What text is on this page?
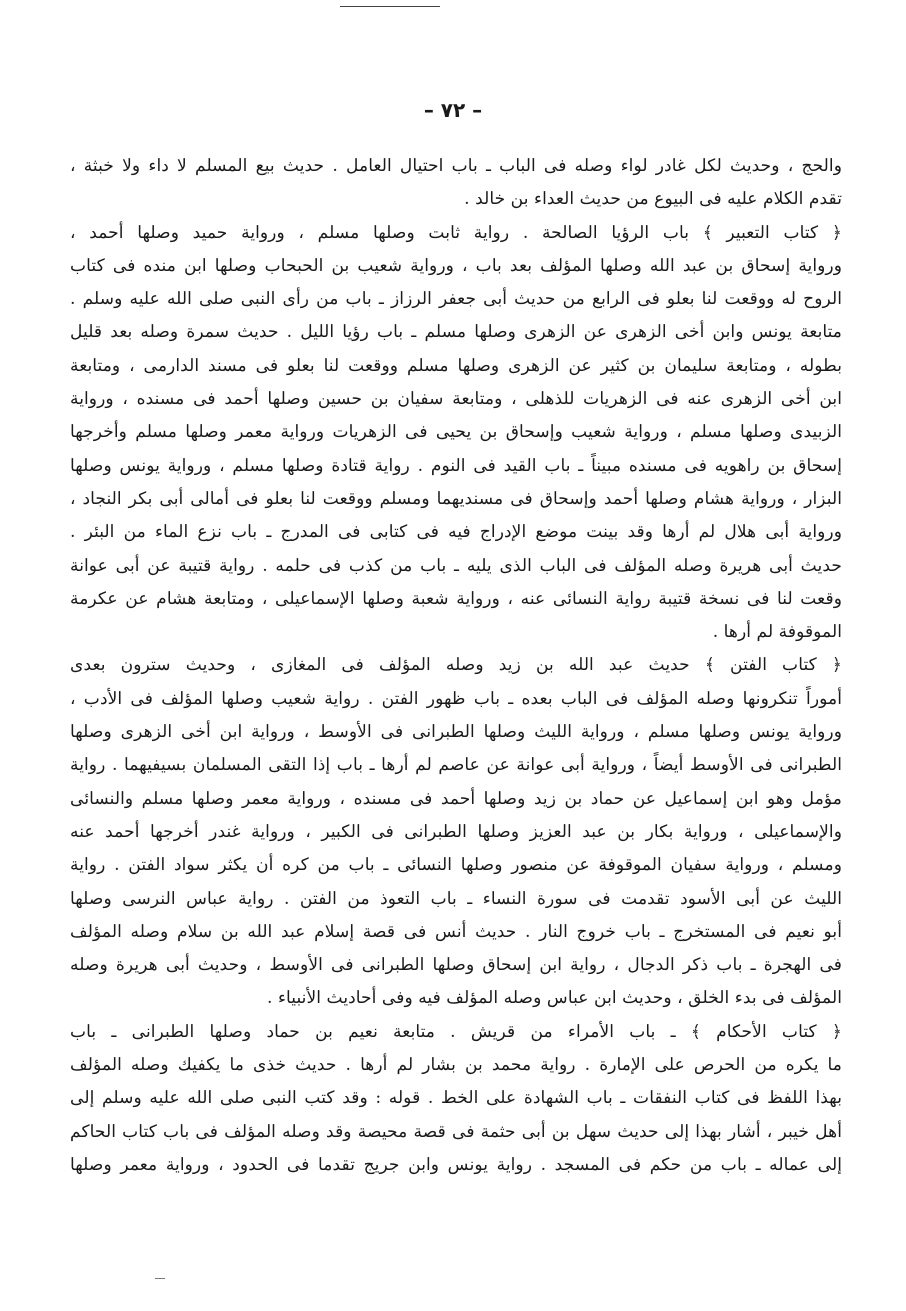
– ٧٢ –
والحج ، وحديث لكل غادر لواء وصله فى الباب ـ باب احتيال العامل . حديث بيع المسلم لا داء ولا خبثة ،
تقدم الكلام عليه فى البيوع من حديث العداء بن خالد .
﴿ كتاب التعبير ﴾ باب الرؤيا الصالحة . رواية ثابت وصلها مسلم ، ورواية حميد وصلها أحمد ،
ورواية إسحاق بن عبد الله وصلها المؤلف بعد باب ، ورواية شعيب بن الحبحاب وصلها ابن منده فى كتاب
الروح له ووقعت لنا بعلو فى الرابع من حديث أبى جعفر الرزاز ـ باب من رأى النبى صلى الله عليه وسلم .
متابعة يونس وابن أخى الزهرى عن الزهرى وصلها مسلم ـ باب رؤيا الليل . حديث سمرة وصله بعد قليل
بطوله ، ومتابعة سليمان بن كثير عن الزهرى وصلها مسلم ووقعت لنا بعلو فى مسند الدارمى ، ومتابعة
ابن أخى الزهرى عنه فى الزهريات للذهلى ، ومتابعة سفيان بن حسين وصلها أحمد فى مسنده ، ورواية
الزبيدى وصلها مسلم ، ورواية شعيب وإسحاق بن يحيى فى الزهريات ورواية معمر وصلها مسلم وأخرجها
إسحاق بن راهويه فى مسنده مبيناً ـ باب القيد فى النوم . رواية قتادة وصلها مسلم ، ورواية يونس وصلها
البزار ، ورواية هشام وصلها أحمد وإسحاق فى مسنديهما ومسلم ووقعت لنا بعلو فى أمالى أبى بكر النجاد ،
ورواية أبى هلال لم أرها وقد بينت موضع الإدراج فيه فى كتابى فى المدرج ـ باب نزع الماء من البئر .
حديث أبى هريرة وصله المؤلف فى الباب الذى يليه ـ باب من كذب فى حلمه . رواية قتيبة عن أبى عوانة
وقعت لنا فى نسخة قتيبة رواية النسائى عنه ، ورواية شعبة وصلها الإسماعيلى ، ومتابعة هشام عن عكرمة
الموقوفة لم أرها .
﴿ كتاب الفتن ﴾ حديث عبد الله بن زيد وصله المؤلف فى المغازى ، وحديث سترون بعدى
أموراً تنكرونها وصله المؤلف فى الباب بعده ـ باب ظهور الفتن . رواية شعيب وصلها المؤلف فى الأدب ،
ورواية يونس وصلها مسلم ، ورواية الليث وصلها الطبرانى فى الأوسط ، ورواية ابن أخى الزهرى وصلها
الطبرانى فى الأوسط أيضاً ، ورواية أبى عوانة عن عاصم لم أرها ـ باب إذا التقى المسلمان بسيفيهما . رواية
مؤمل وهو ابن إسماعيل عن حماد بن زيد وصلها أحمد فى مسنده ، ورواية معمر وصلها مسلم والنسائى
والإسماعيلى ، ورواية بكار بن عبد العزيز وصلها الطبرانى فى الكبير ، ورواية غندر أخرجها أحمد عنه
ومسلم ، ورواية سفيان الموقوفة عن منصور وصلها النسائى ـ باب من كره أن يكثر سواد الفتن . رواية
الليث عن أبى الأسود تقدمت فى سورة النساء ـ باب التعوذ من الفتن . رواية عباس النرسى وصلها
أبو نعيم فى المستخرج ـ باب خروج النار . حديث أنس فى قصة إسلام عبد الله بن سلام وصله المؤلف
فى الهجرة ـ باب ذكر الدجال ، رواية ابن إسحاق وصلها الطبرانى فى الأوسط ، وحديث أبى هريرة وصله
المؤلف فى بدء الخلق ، وحديث ابن عباس وصله المؤلف فيه وفى أحاديث الأنبياء .
﴿ كتاب الأحكام ﴾ ـ باب الأمراء من قريش . متابعة نعيم بن حماد وصلها الطبرانى ـ باب
ما يكره من الحرص على الإمارة . رواية محمد بن بشار لم أرها . حديث خذى ما يكفيك وصله المؤلف
بهذا اللفظ فى كتاب النفقات ـ باب الشهادة على الخط . قوله : وقد كتب النبى صلى الله عليه وسلم إلى
أهل خيبر ، أشار بهذا إلى حديث سهل بن أبى حثمة فى قصة محيصة وقد وصله المؤلف فى باب كتاب الحاكم
إلى عماله ـ باب من حكم فى المسجد . رواية يونس وابن جريج تقدما فى الحدود ، ورواية معمر وصلها
